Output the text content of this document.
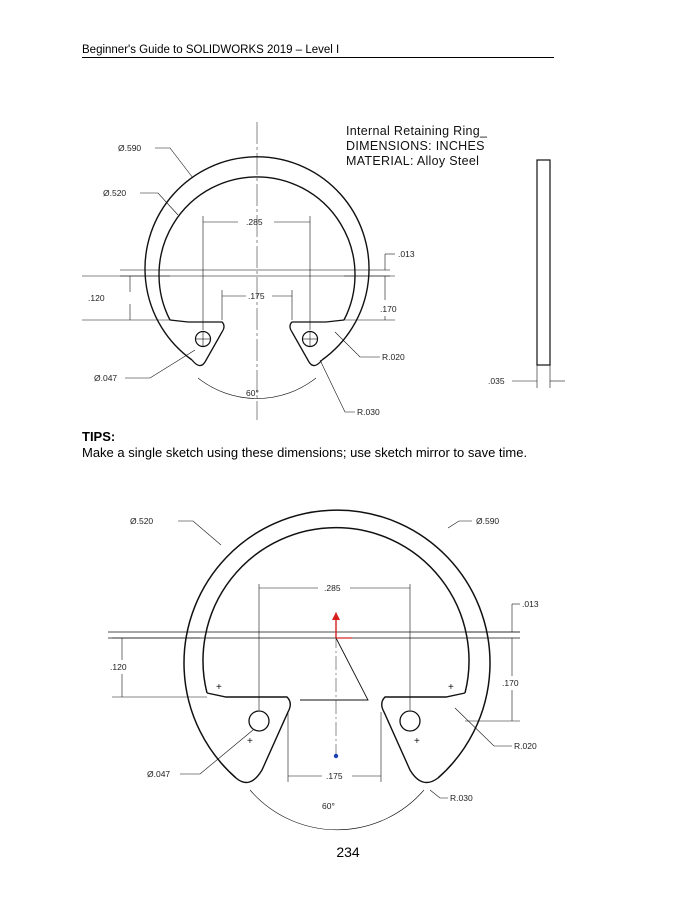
Beginner's Guide to SOLIDWORKS 2019 – Level I
Internal Retaining Ring_
DIMENSIONS: INCHES
MATERIAL: Alloy Steel
Ø.590
Ø.520
.285
.013
.120	.175
.170
Ø.047
R.020
60°
R.030
.035
+	+
+	+
Ø.520	Ø.590
.285
.013
.120
.170
R.020
Ø.047	.175
R.030
60°
TIPS:
Make a single sketch using these dimensions; use sketch mirror to save time.
234
